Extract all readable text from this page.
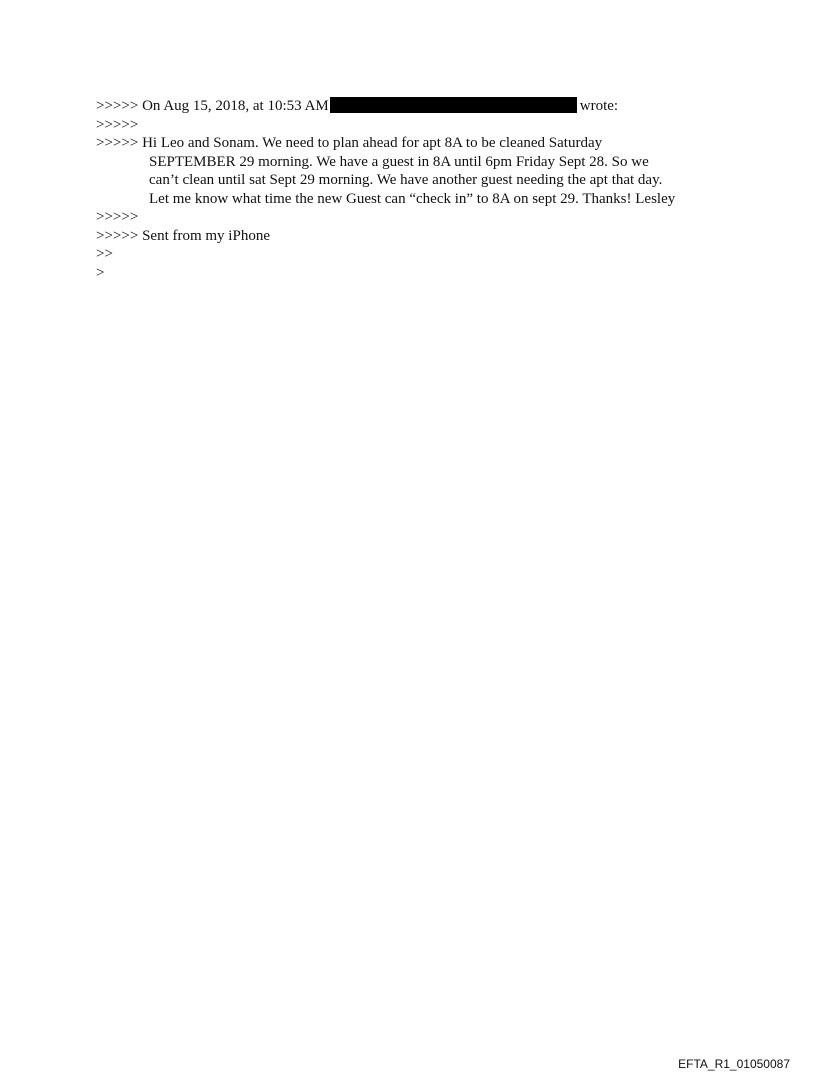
>>>>> On Aug 15, 2018, at 10:53 AM	wrote:
>>>>>
>>>>> Hi Leo and Sonam. We need to plan ahead for apt 8A to be cleaned Saturday SEPTEMBER 29 morning. We have a guest in 8A until 6pm Friday Sept 28. So we can’t clean until sat Sept 29 morning. We have another guest needing the apt that day. Let me know what time the new Guest can “check in” to 8A on sept 29. Thanks! Lesley
>>>>>
>>>>> Sent from my iPhone
>>
>
EFTA_R1_01050087
